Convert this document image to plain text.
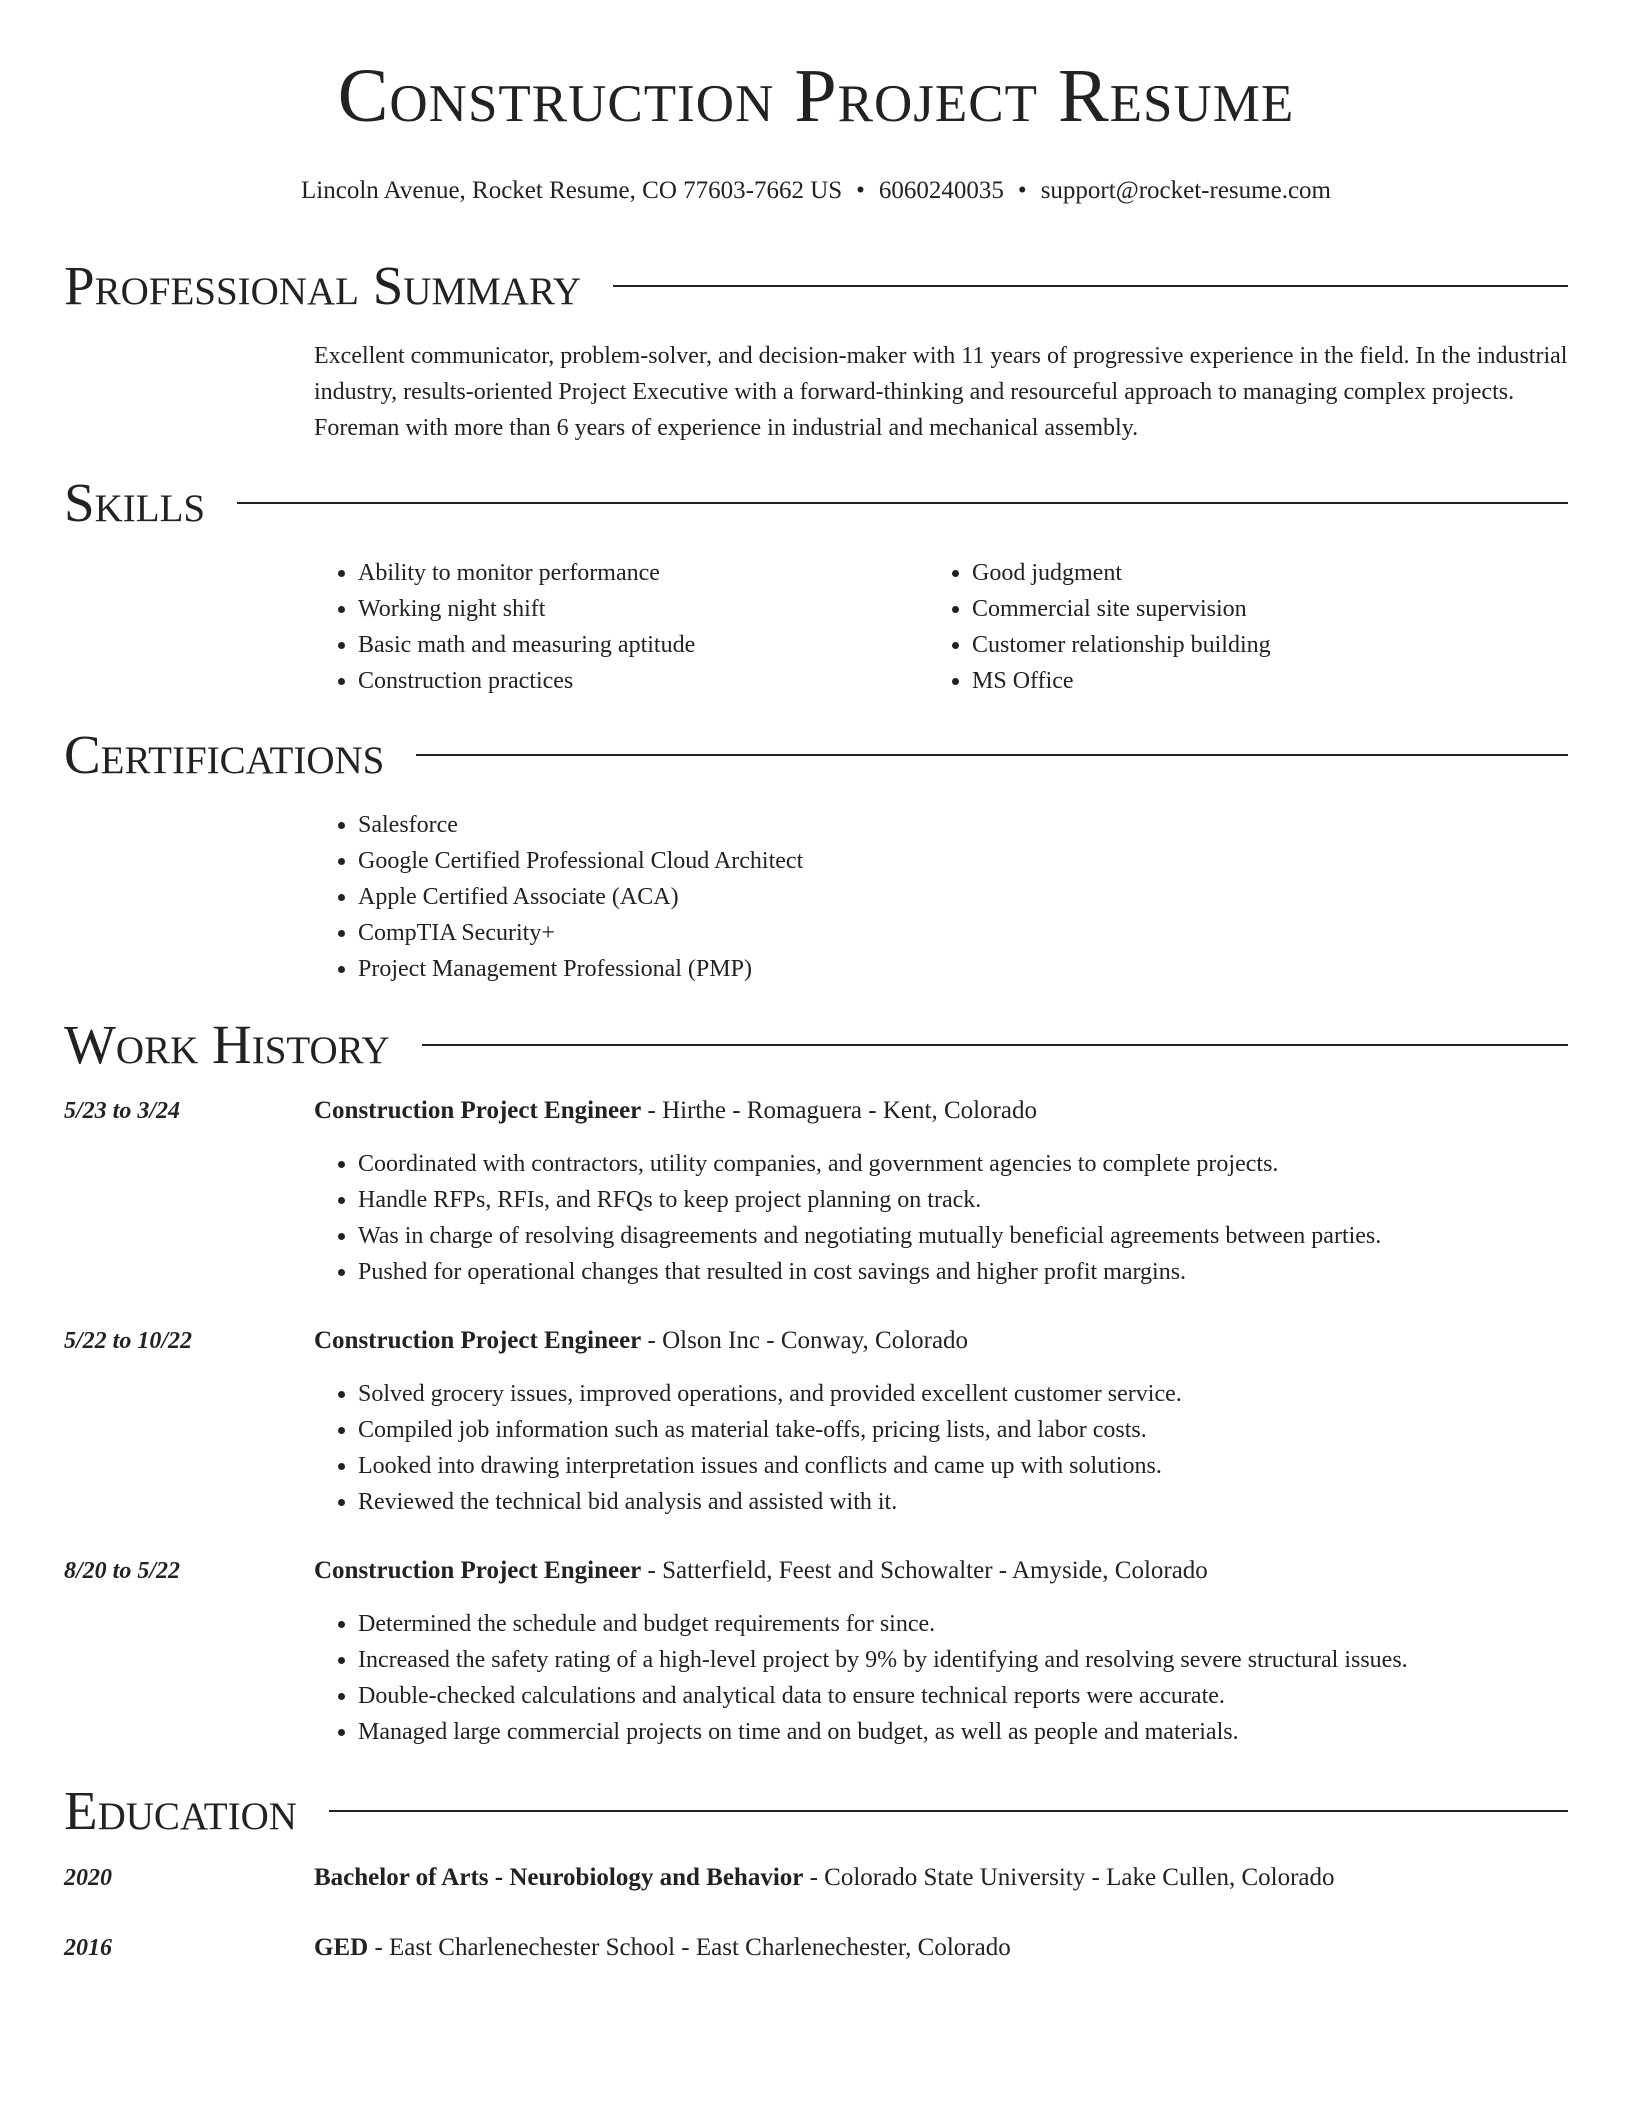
Construction Project Resume
Lincoln Avenue, Rocket Resume, CO 77603-7662 US • 6060240035 • support@rocket-resume.com
Professional Summary

Excellent communicator, problem-solver, and decision-maker with 11 years of progressive experience in the field. In the industrial industry, results-oriented Project Executive with a forward-thinking and resourceful approach to managing complex projects. Foreman with more than 6 years of experience in industrial and mechanical assembly.

Skills
• Ability to monitor performance
• Working night shift
• Basic math and measuring aptitude
• Construction practices
• Good judgment
• Commercial site supervision
• Customer relationship building
• MS Office
Certifications
• Salesforce
• Google Certified Professional Cloud Architect
• Apple Certified Associate (ACA)
• CompTIA Security+
• Project Management Professional (PMP)
Work History
5/23 to 3/24	Construction Project Engineer - Hirthe - Romaguera - Kent, Colorado
• Coordinated with contractors, utility companies, and government agencies to complete projects.
• Handle RFPs, RFIs, and RFQs to keep project planning on track.
• Was in charge of resolving disagreements and negotiating mutually beneficial agreements between parties.
• Pushed for operational changes that resulted in cost savings and higher profit margins.
5/22 to 10/22	Construction Project Engineer - Olson Inc - Conway, Colorado
• Solved grocery issues, improved operations, and provided excellent customer service.
• Compiled job information such as material take-offs, pricing lists, and labor costs.
• Looked into drawing interpretation issues and conflicts and came up with solutions.
• Reviewed the technical bid analysis and assisted with it.
8/20 to 5/22	Construction Project Engineer - Satterfield, Feest and Schowalter - Amyside, Colorado
• Determined the schedule and budget requirements for since.
• Increased the safety rating of a high-level project by 9% by identifying and resolving severe structural issues.
• Double-checked calculations and analytical data to ensure technical reports were accurate.
• Managed large commercial projects on time and on budget, as well as people and materials.
Education
2020	Bachelor of Arts - Neurobiology and Behavior - Colorado State University - Lake Cullen, Colorado
2016	GED - East Charlenechester School - East Charlenechester, Colorado
